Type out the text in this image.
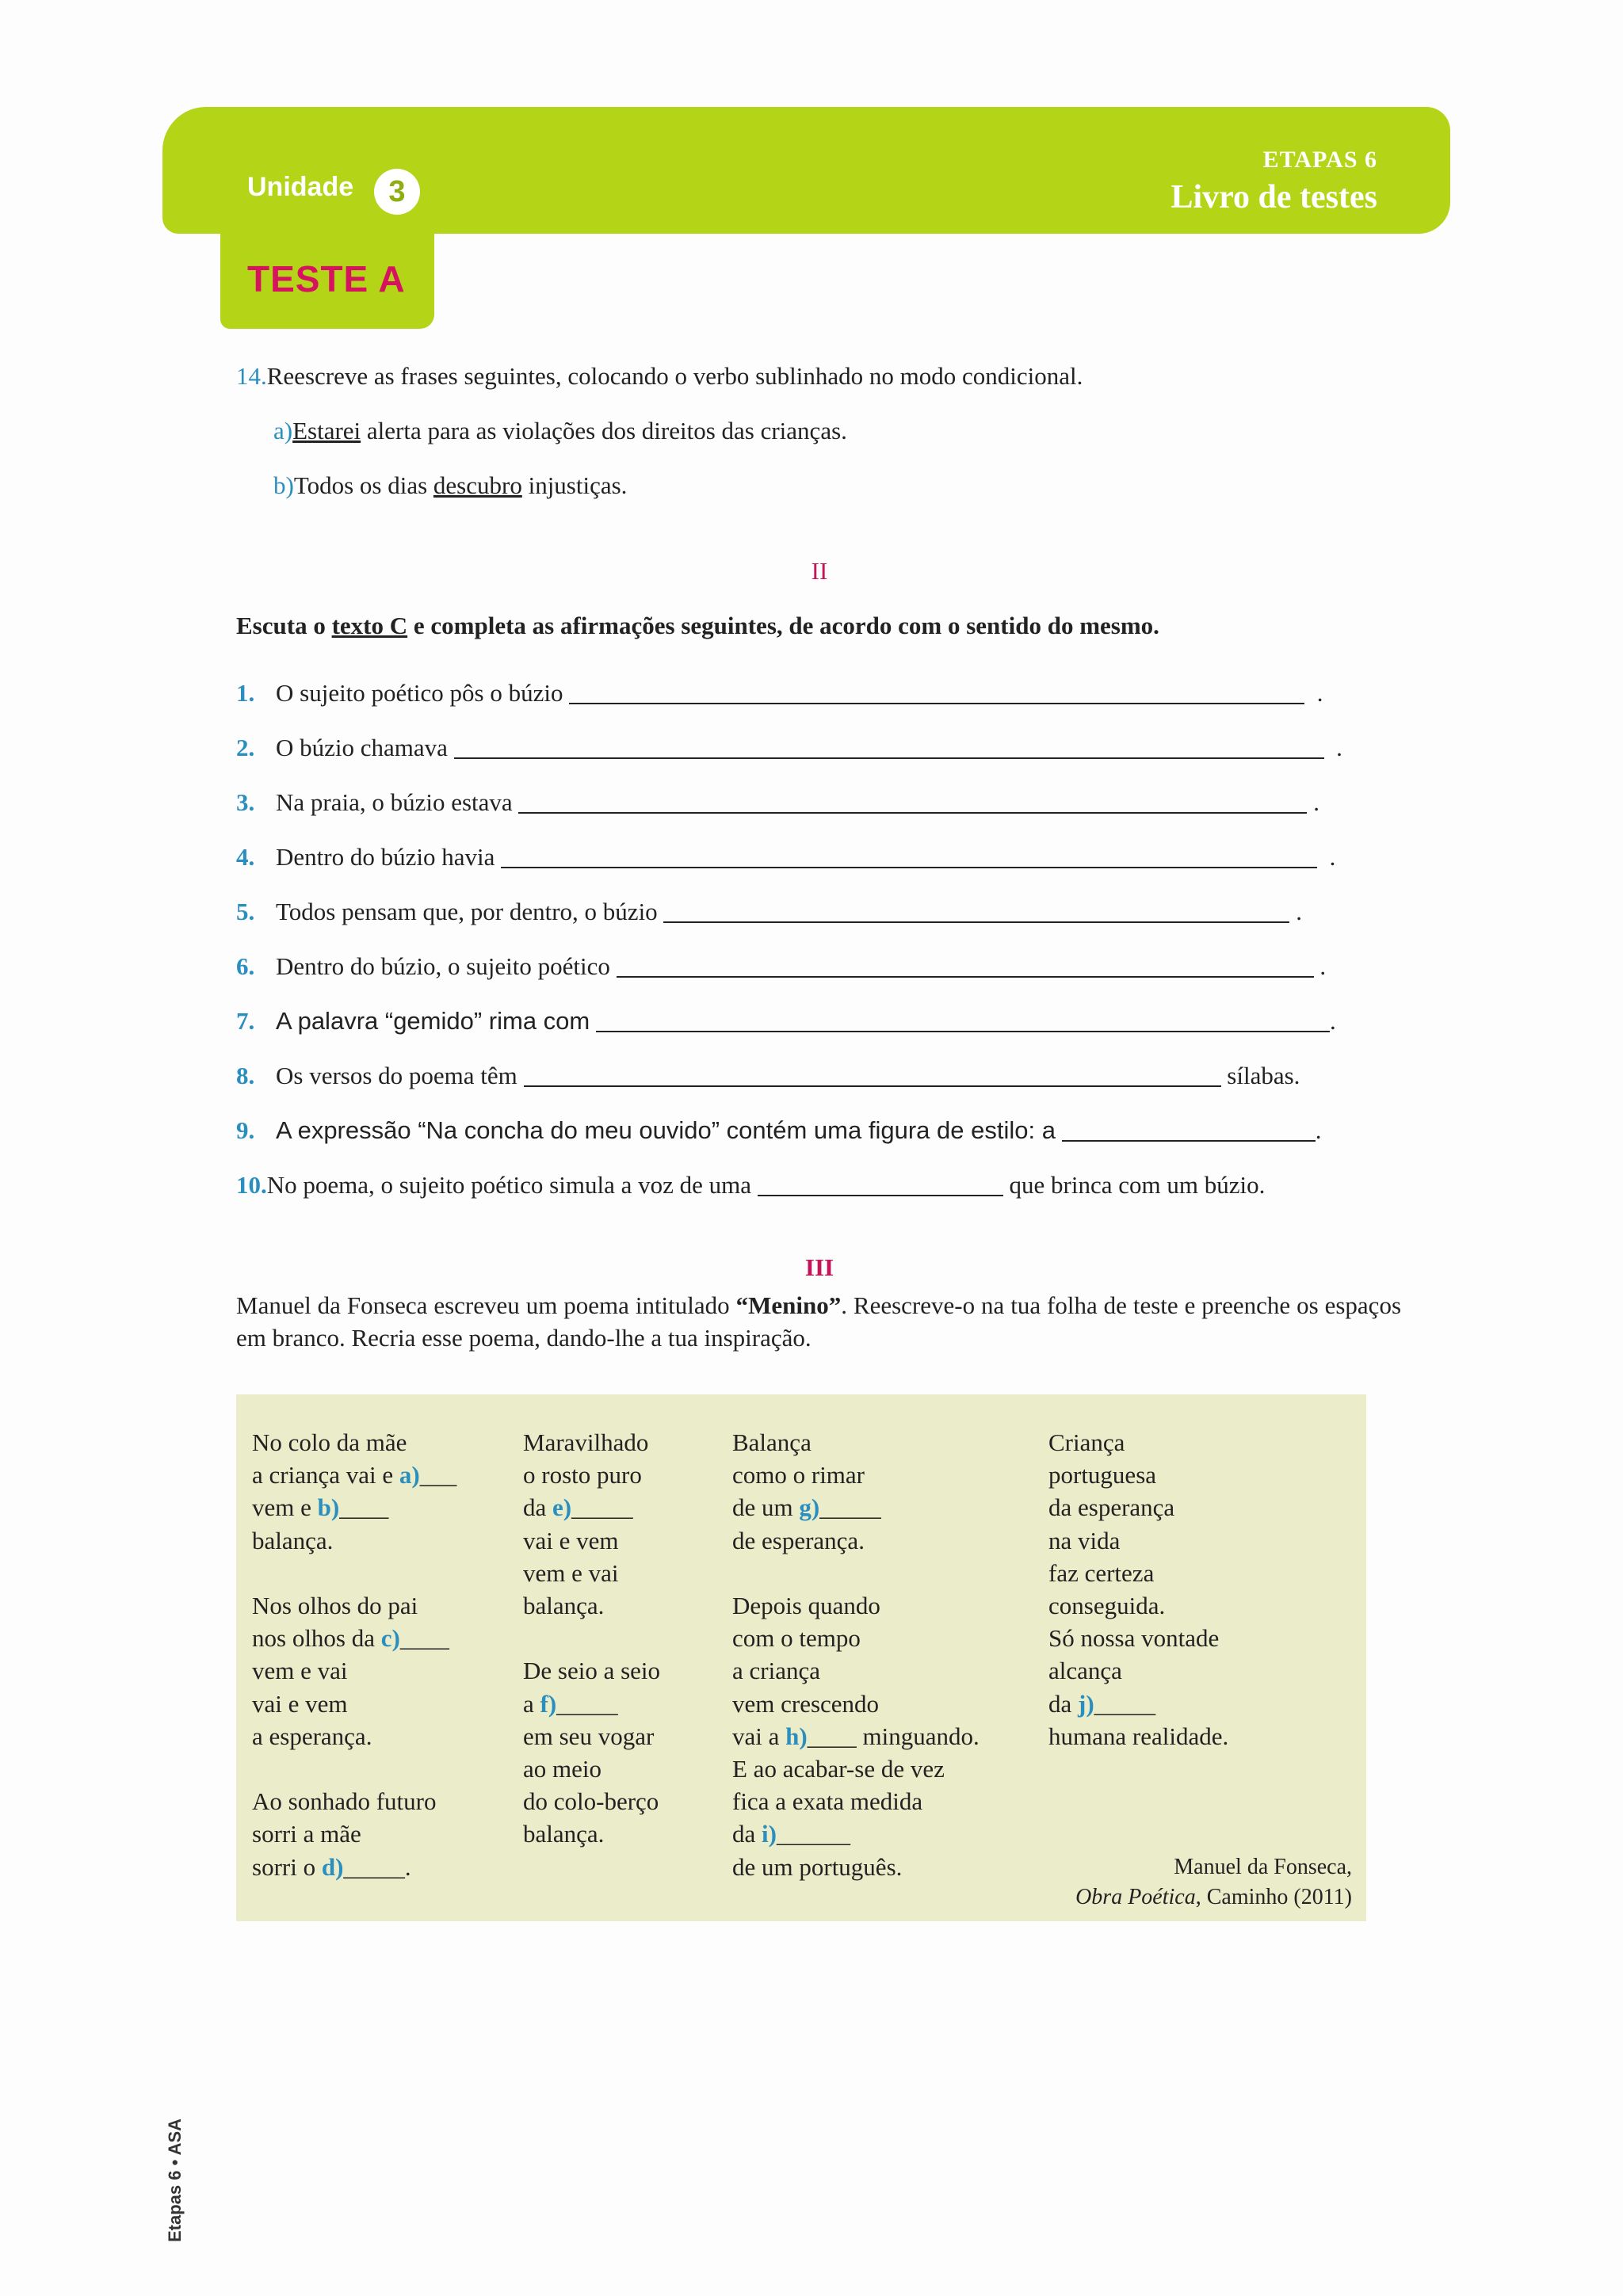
Unidade	3
ETAPAS 6
Livro de testes
TESTE A
14.Reescreve as frases seguintes, colocando o verbo sublinhado no modo condicional.
a)Estarei alerta para as violações dos direitos das crianças.
b)Todos os dias descubro injustiças.
II
Escuta o texto C e completa as afirmações seguintes, de acordo com o sentido do mesmo.
1. O sujeito poético pôs o búzio	.
2. O búzio chamava	.
3. Na praia, o búzio estava	.
4. Dentro do búzio havia	.
5. Todos pensam que, por dentro, o búzio	.
6. Dentro do búzio, o sujeito poético	.
7. A palavra “gemido” rima com	.
8. Os versos do poema têm	sílabas.
9. A expressão “Na concha do meu ouvido” contém uma figura de estilo: a	.
10.No poema, o sujeito poético simula a voz de uma	que brinca com um búzio.
III
Manuel da Fonseca escreveu um poema intitulado “Menino”. Reescreve-o na tua folha de teste e preenche os espaços em branco. Recria esse poema, dando-lhe a tua inspiração.
No colo da mãe
a criança vai e a)___
vem e b)____
balança.

Nos olhos do pai
nos olhos da c)____
vem e vai
vai e vem
a esperança.

Ao sonhado futuro
sorri a mãe
sorri o d)_____.
Maravilhado
o rosto puro
da e)_____
vai e vem
vem e vai
balança.

De seio a seio
a f)_____
em seu vogar
ao meio
do colo-berço
balança.
Balança
como o rimar
de um g)_____
de esperança.

Depois quando
com o tempo
a criança
vem crescendo
vai a h)____ minguando.
E ao acabar-se de vez
fica a exata medida
da i)______
de um português.
Criança
portuguesa
da esperança
na vida
faz certeza
conseguida.
Só nossa vontade
alcança
da j)_____
humana realidade.
Manuel da Fonseca,
Obra Poética, Caminho (2011)
Etapas 6 • ASA
